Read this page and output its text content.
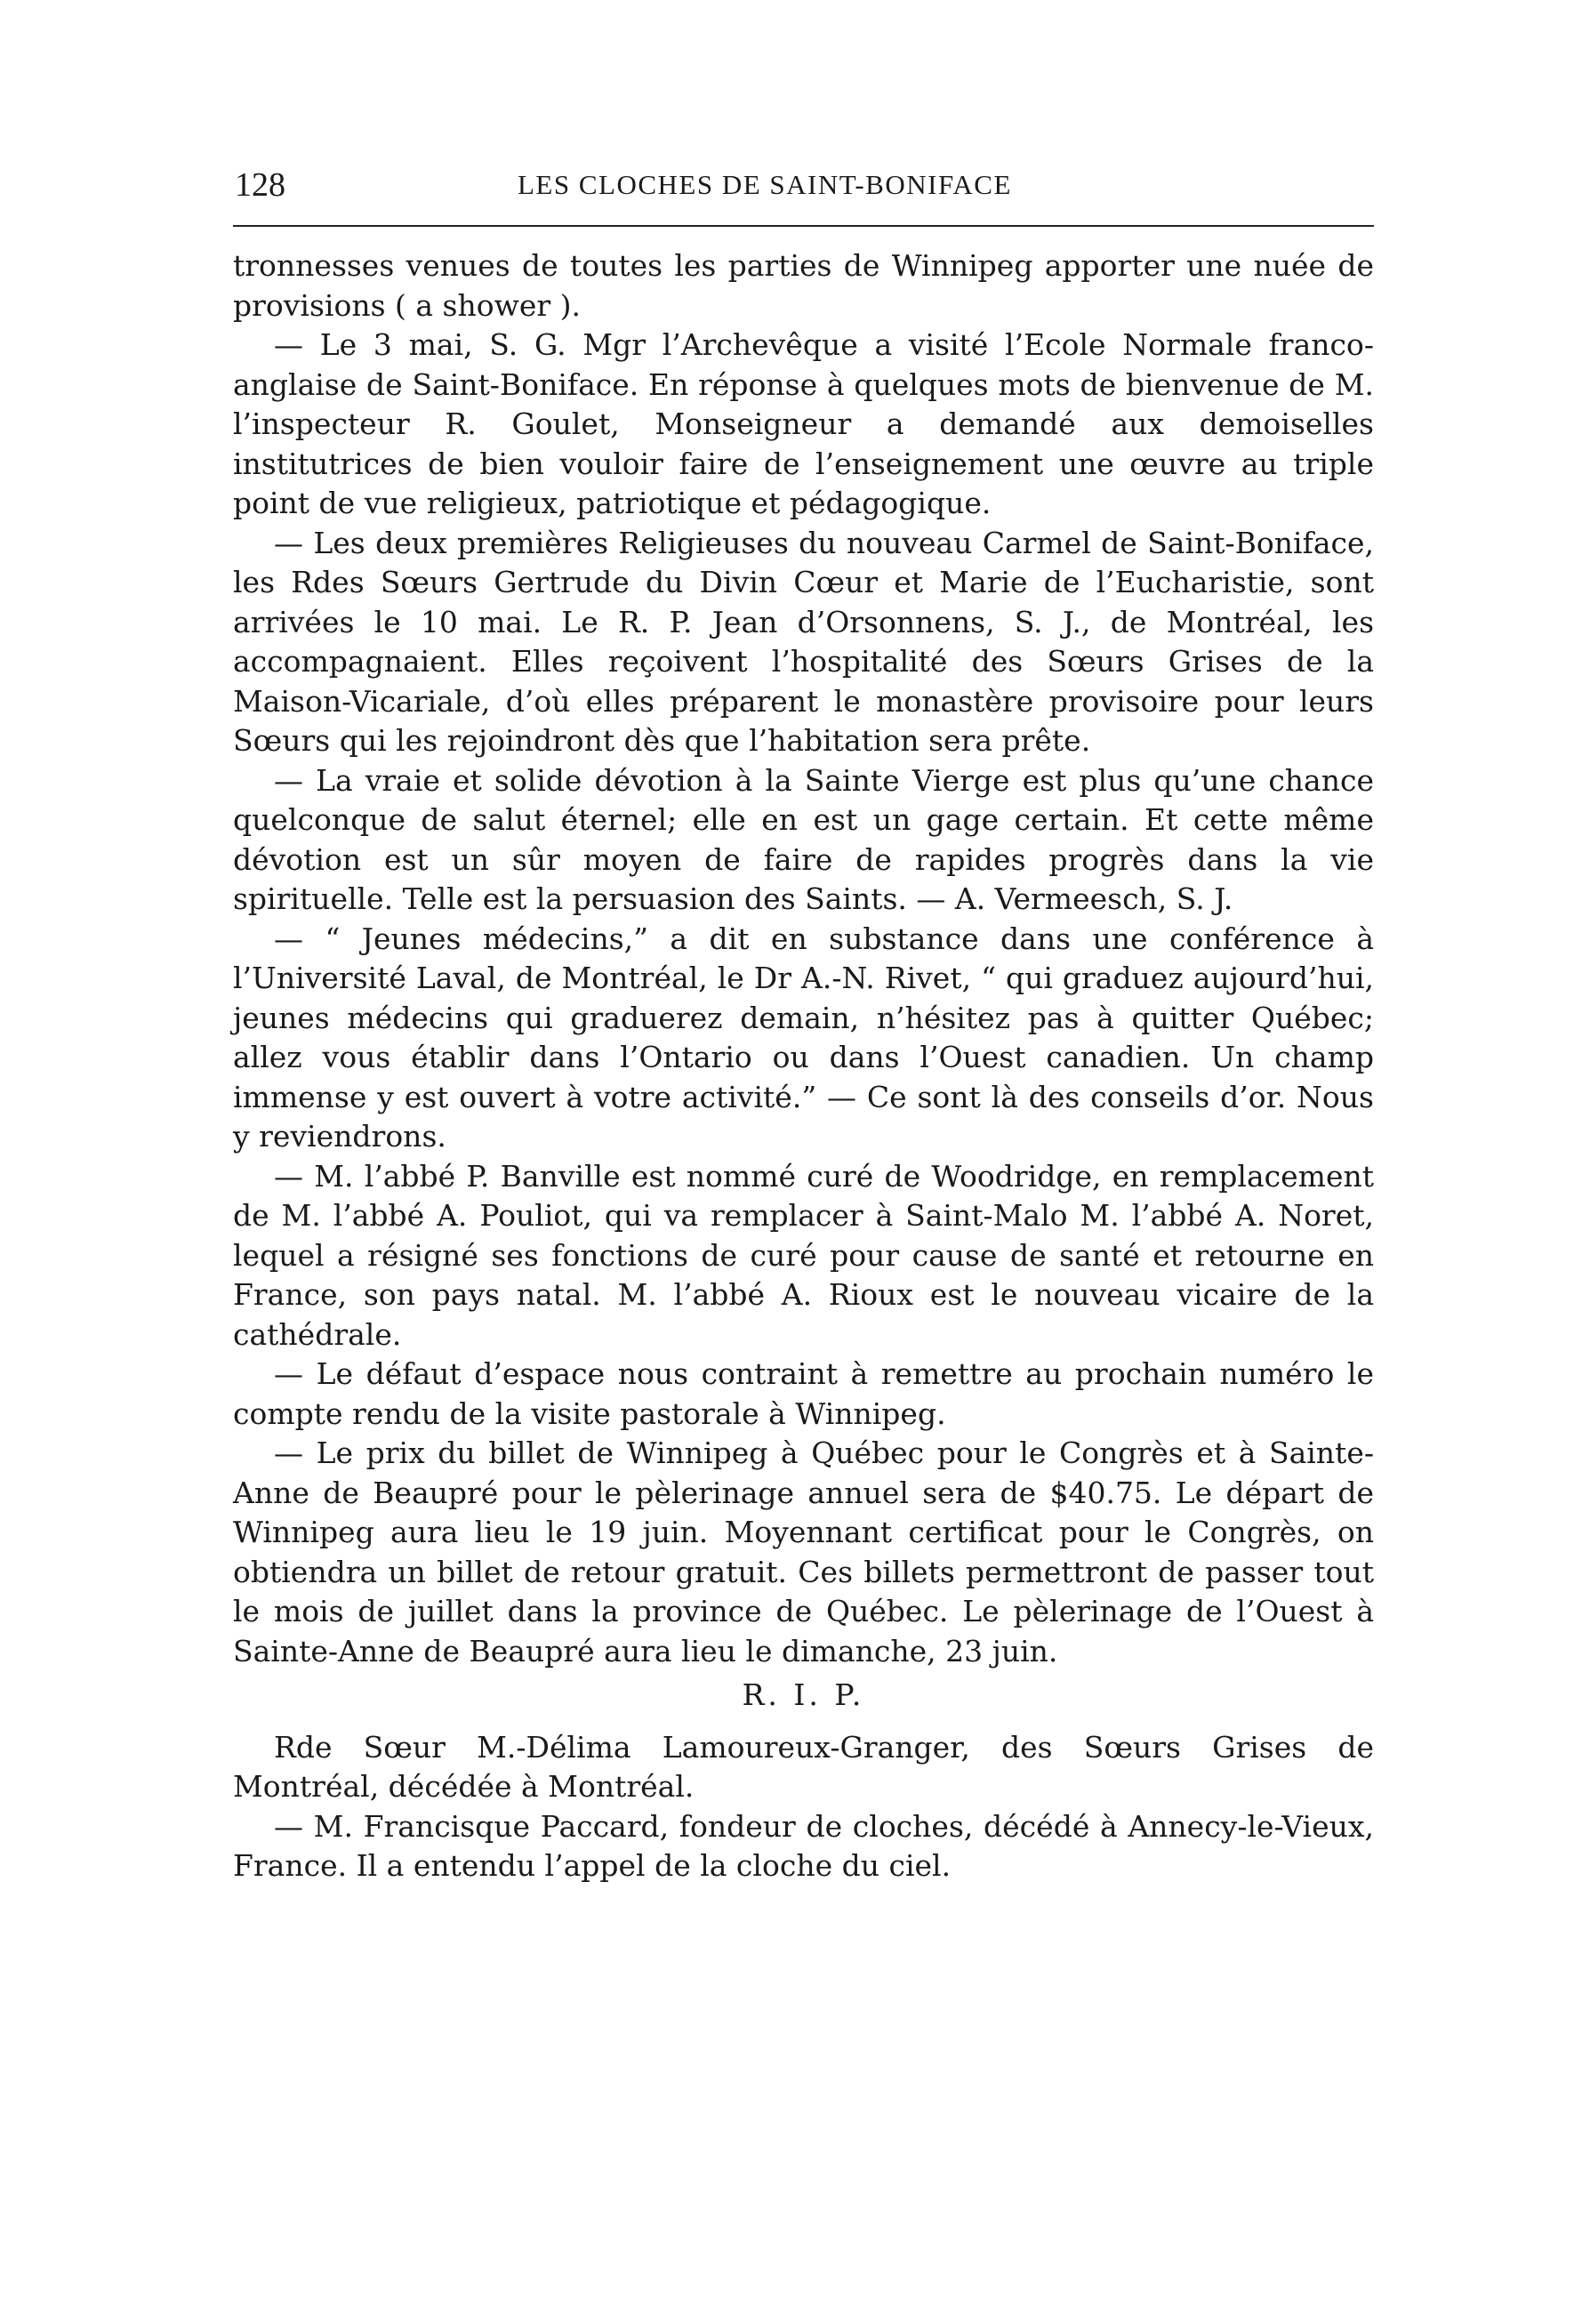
128	LES CLOCHES DE SAINT-BONIFACE

tronnesses venues de toutes les parties de Winnipeg apporter une nuée de provisions ( a shower ).

— Le 3 mai, S. G. Mgr l’Archevêque a visité l’Ecole Normale franco-anglaise de Saint-Boniface. En réponse à quelques mots de bienvenue de M. l’inspecteur R. Goulet, Monseigneur a demandé aux demoiselles institutrices de bien vouloir faire de l’enseignement une œuvre au triple point de vue religieux, patriotique et pédagogique.

— Les deux premières Religieuses du nouveau Carmel de Saint-Boniface, les Rdes Sœurs Gertrude du Divin Cœur et Marie de l’Eucharistie, sont arrivées le 10 mai. Le R. P. Jean d’Orsonnens, S. J., de Montréal, les accompagnaient. Elles reçoivent l’hospitalité des Sœurs Grises de la Maison-Vicariale, d’où elles préparent le monastère provisoire pour leurs Sœurs qui les rejoindront dès que l’habitation sera prête.

— La vraie et solide dévotion à la Sainte Vierge est plus qu’une chance quelconque de salut éternel; elle en est un gage certain. Et cette même dévotion est un sûr moyen de faire de rapides progrès dans la vie spirituelle. Telle est la persuasion des Saints. — A. Vermeesch, S. J.

— “ Jeunes médecins,” a dit en substance dans une conférence à l’Université Laval, de Montréal, le Dr A.-N. Rivet, “ qui graduez aujourd’hui, jeunes médecins qui graduerez demain, n’hésitez pas à quitter Québec; allez vous établir dans l’Ontario ou dans l’Ouest canadien. Un champ immense y est ouvert à votre activité.” — Ce sont là des conseils d’or. Nous y reviendrons.

— M. l’abbé P. Banville est nommé curé de Woodridge, en remplacement de M. l’abbé A. Pouliot, qui va remplacer à Saint-Malo M. l’abbé A. Noret, lequel a résigné ses fonctions de curé pour cause de santé et retourne en France, son pays natal. M. l’abbé A. Rioux est le nouveau vicaire de la cathédrale.

— Le défaut d’espace nous contraint à remettre au prochain numéro le compte rendu de la visite pastorale à Winnipeg.

— Le prix du billet de Winnipeg à Québec pour le Congrès et à Sainte-Anne de Beaupré pour le pèlerinage annuel sera de $40.75. Le départ de Winnipeg aura lieu le 19 juin. Moyennant certificat pour le Congrès, on obtiendra un billet de retour gratuit. Ces billets permettront de passer tout le mois de juillet dans la province de Québec. Le pèlerinage de l’Ouest à Sainte-Anne de Beaupré aura lieu le dimanche, 23 juin.

R. I. P.

Rde Sœur M.-Délima Lamoureux-Granger, des Sœurs Grises de Montréal, décédée à Montréal.

— M. Francisque Paccard, fondeur de cloches, décédé à Annecy-le-Vieux, France. Il a entendu l’appel de la cloche du ciel.
